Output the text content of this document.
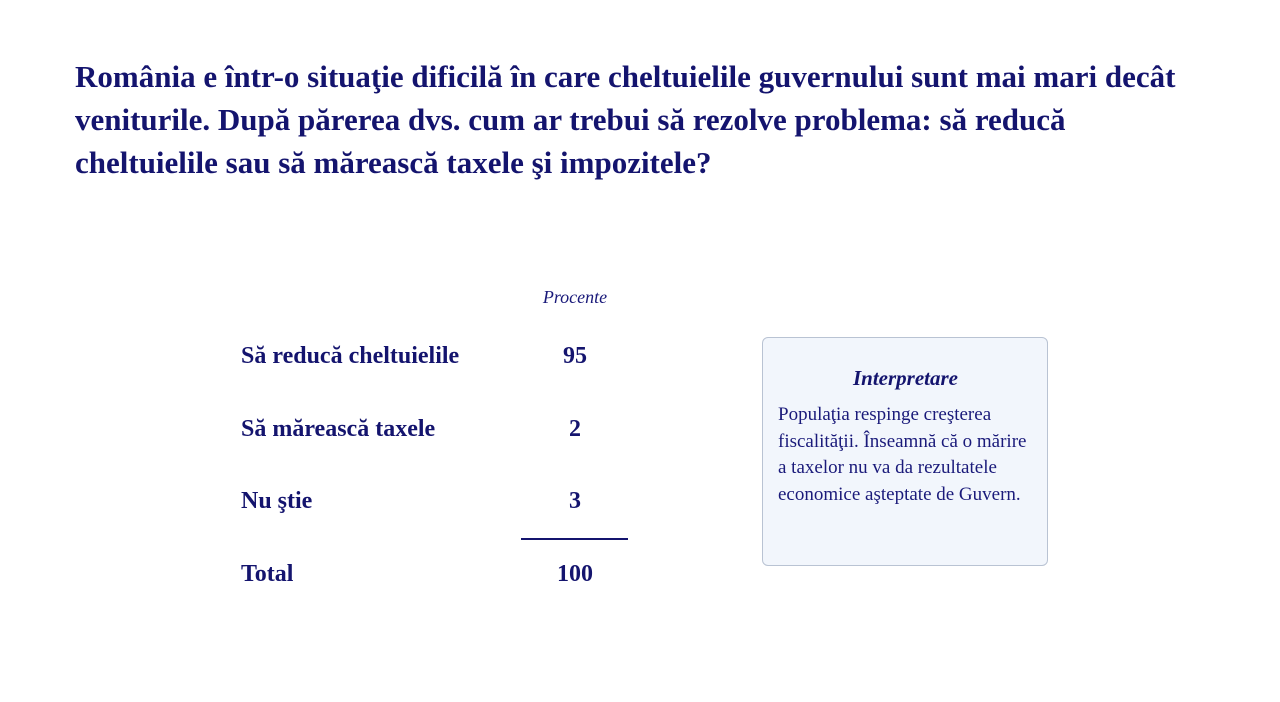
România e într-o situaţie dificilă în care cheltuielile guvernului sunt mai mari decât veniturile. După părerea dvs. cum ar trebui să rezolve problema: să reducă cheltuielile sau să mărească taxele şi impozitele?
Procente
Să reducă cheltuielile	95
Să mărească taxele	2
Nu ştie	3
Total	100
Interpretare

Populaţia respinge creşterea fiscalităţii. Înseamnă că o mărire a taxelor nu va da rezultatele economice aşteptate de Guvern.
